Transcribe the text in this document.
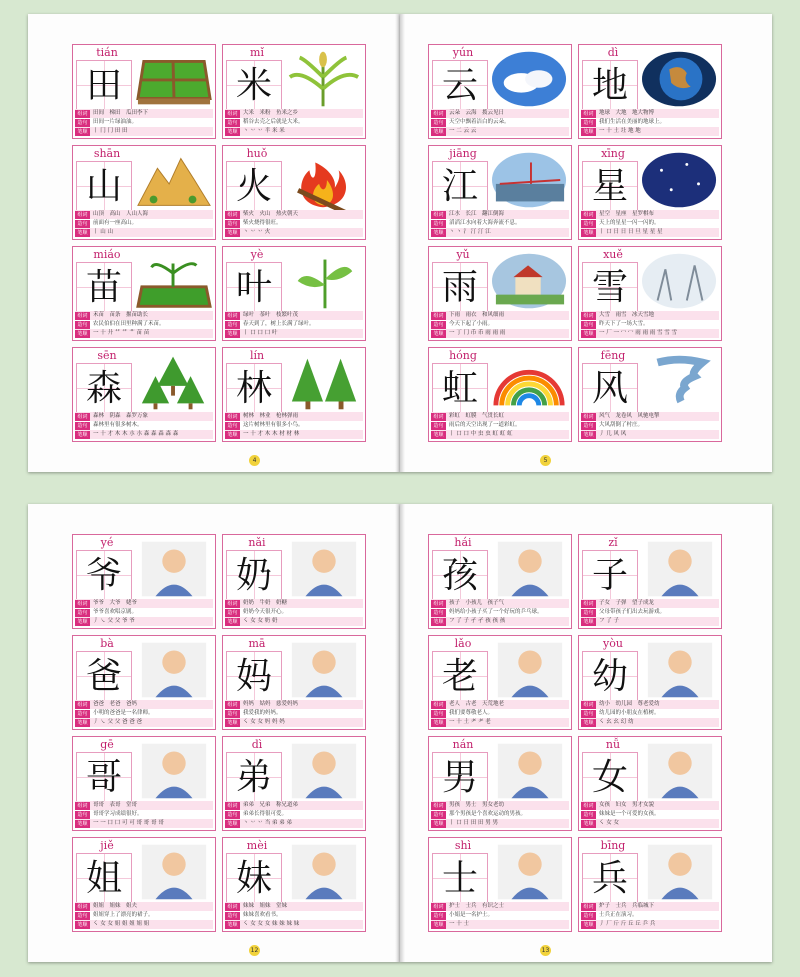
tián
田
组词 田间　梯田　瓜田李下
造句 田间一片绿油油。
笔顺 丨 冂 冂 田 田
mǐ
米
组词 大米　米粉　鱼米之乡
造句 稻谷去壳之后就是大米。
笔顺 丶 丷 丷 半 米 米
shān
山
组词 山顶　高山　人山人海
造句 前面有一座高山。
笔顺 丨 山 山
huǒ
火
组词 柴火　火山　热火朝天
造句 柴火烧得很旺。
笔顺 丶 丷 丷 火
miáo
苗
组词 禾苗　苗条　揠苗助长
造句 农民伯伯在田里种满了禾苗。
笔顺 一 十 廾 艹 艹 艹 苗 苗
yè
叶
组词 绿叶　茶叶　枝繁叶茂
造句 春天到了，树上长满了绿叶。
笔顺 丨 口 口 口 叶
sēn
森
组词 森林　阴森　森罗万象
造句 森林里有很多树木。
笔顺 一 十 才 木 木 朩 朩 森 森 森 森 森
lín
林
组词 树林　林业　枪林弹雨
造句 这片树林里有很多小鸟。
笔顺 一 十 才 木 木 材 材 林
4
yún
云
组词 云朵　云海　拨云见日
造句 天空中飘着洁白的云朵。
笔顺 一 二 云 云
dì
地
组词 地球　大地　地大物博
造句 我们生活在美丽的地球上。
笔顺 一 十 土 圵 地 地
jiāng
江
组词 江水　长江　翻江倒海
造句 滔滔江水向着大海奔流不息。
笔顺 丶 丶 氵 汀 汀 江
xīng
星
组词 星空　星座　星罗棋布
造句 天上的星星一闪一闪的。
笔顺 丨 口 日 日 日 旦 星 星 星
yǔ
雨
组词 下雨　雨衣　和风细雨
造句 今天下起了小雨。
笔顺 一 丁 冂 币 币 雨 雨 雨
xuě
雪
组词 大雪　雨雪　冰天雪地
造句 昨天下了一场大雪。
笔顺 一 厂 一 冖 冖 雨 雨 雨 雪 雪 雪
hóng
虹
组词 彩虹　虹膜　气贯长虹
造句 雨后的天空出现了一道彩虹。
笔顺 丨 口 口 中 虫 虫 虹 虹 虹
fēng
风
组词 风气　龙卷风　风驰电掣
造句 大风刮倒了村庄。
笔顺 丿 几 风 风
5
yé
爷
组词 爷爷　大爷　姥爷
造句 爷爷喜欢唱京剧。
笔顺 丿 ㇏ 父 父 爷 爷
nǎi
奶
组词 奶奶　牛奶　奶糖
造句 奶奶今天很开心。
笔顺 ㇛ 女 女 奶 奶
bà
爸
组词 爸爸　老爸　爸妈
造句 小明的爸爸是一名律师。
笔顺 丿 ㇏ 父 父 爸 爸 爸
mā
妈
组词 妈妈　姑妈　慈爱妈妈
造句 我爱我的妈妈。
笔顺 ㇛ 女 女 妈 妈 妈
gē
哥
组词 哥哥　表哥　堂哥
造句 哥哥学习成绩很好。
笔顺 一 一 口 口 可 可 哥 哥 哥 哥
dì
弟
组词 弟弟　兄弟　称兄道弟
造句 弟弟长得很可爱。
笔顺 丶 丷 丷 当 弟 弟 弟
jiě
姐
组词 姐姐　姐妹　姐夫
造句 姐姐穿上了漂亮的裙子。
笔顺 ㇛ 女 女 姐 姐 姐 姐 姐
mèi
妹
组词 妹妹　姐妹　堂妹
造句 妹妹喜欢看书。
笔顺 ㇛ 女 女 女 妹 妹 妹 妹
12
hái
孩
组词 孩子　小孩儿　孩子气
造句 妈妈给小孩子买了一个好玩的乒乓球。
笔顺 フ 了 子 孑 孑 孩 孩 孩
zǐ
子
组词 子女　子弹　望子成龙
造句 父母带孩子们出去玩游戏。
笔顺 フ 了 子
lǎo
老
组词 老人　古老　天荒地老
造句 我们要尊敬老人。
笔顺 一 十 土 耂 耂 老
yòu
幼
组词 幼小　幼儿园　尊老爱幼
造句 幼儿园的小朋友在植树。
笔顺 ㇛ 幺 幺 幻 幼
nán
男
组词 男孩　男士　男女老幼
造句 那个男孩是个喜欢运动的男孩。
笔顺 丨 口 日 田 田 男 男
nǚ
女
组词 女孩　妇女　男才女貌
造句 妹妹是一个可爱的女孩。
笔顺 ㇛ 女 女
shì
士
组词 护士　士兵　有识之士
造句 小娟是一名护士。
笔顺 一 十 士
bīng
兵
组词 炉子　士兵　兵临城下
造句 士兵正在演习。
笔顺 丿 厂 斤 斤 丘 丘 乒 兵
13
